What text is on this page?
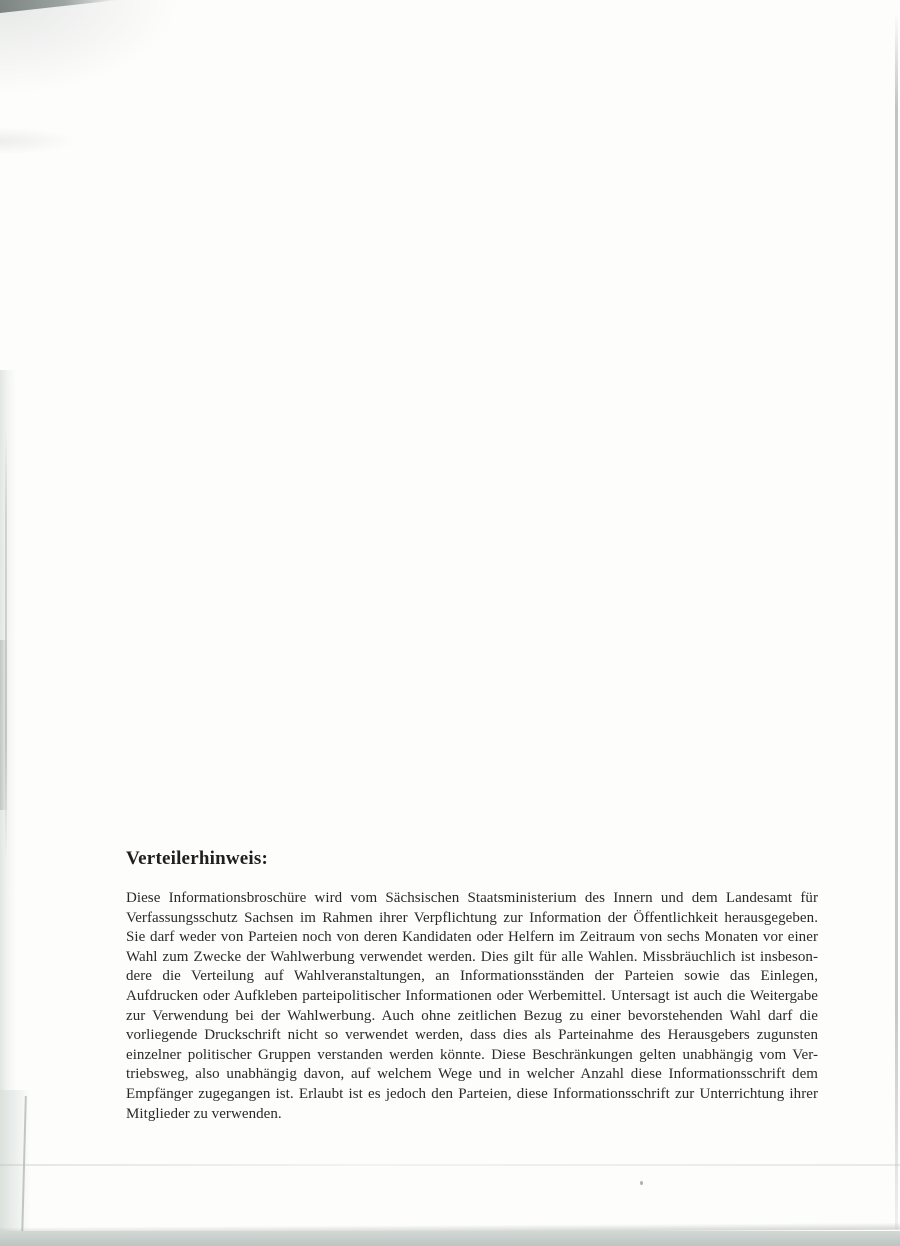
Verteilerhinweis:
Diese Informationsbroschüre wird vom Sächsischen Staatsministerium des Innern und dem Landesamt für
Verfassungsschutz Sachsen im Rahmen ihrer Verpflichtung zur Information der Öffentlichkeit herausgegeben.
Sie darf weder von Parteien noch von deren Kandidaten oder Helfern im Zeitraum von sechs Monaten vor einer
Wahl zum Zwecke der Wahlwerbung verwendet werden. Dies gilt für alle Wahlen. Missbräuchlich ist insbeson-
dere die Verteilung auf Wahlveranstaltungen, an Informationsständen der Parteien sowie das Einlegen,
Aufdrucken oder Aufkleben parteipolitischer Informationen oder Werbemittel. Untersagt ist auch die Weitergabe
zur Verwendung bei der Wahlwerbung. Auch ohne zeitlichen Bezug zu einer bevorstehenden Wahl darf die
vorliegende Druckschrift nicht so verwendet werden, dass dies als Parteinahme des Herausgebers zugunsten
einzelner politischer Gruppen verstanden werden könnte. Diese Beschränkungen gelten unabhängig vom Ver-
triebsweg, also unabhängig davon, auf welchem Wege und in welcher Anzahl diese Informationsschrift dem
Empfänger zugegangen ist. Erlaubt ist es jedoch den Parteien, diese Informationsschrift zur Unterrichtung ihrer
Mitglieder zu verwenden.
